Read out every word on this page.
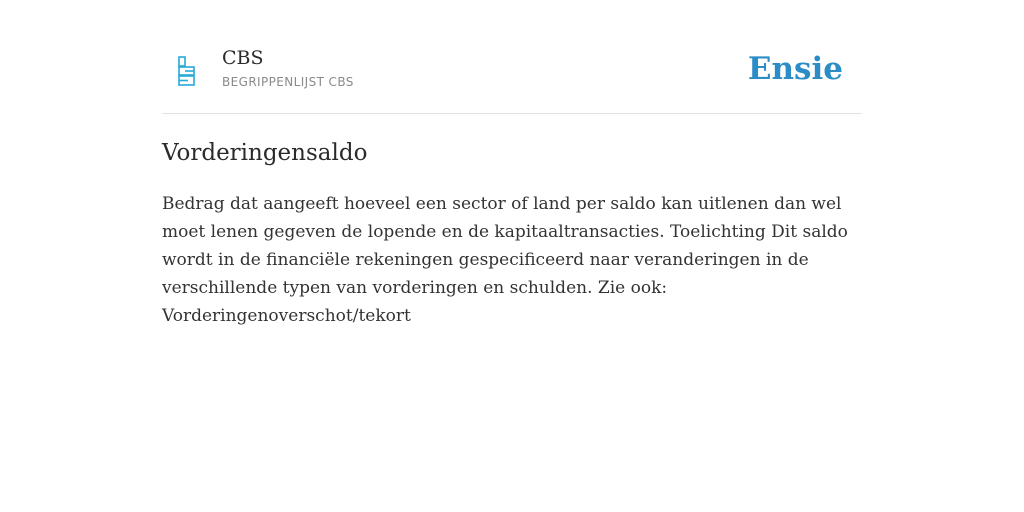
CBS
BEGRIPPENLIJST CBS	Ensie
Vorderingensaldo

Bedrag dat aangeeft hoeveel een sector of land per saldo kan uitlenen dan wel moet lenen gegeven de lopende en de kapitaaltransacties. Toelichting Dit saldo wordt in de financiële rekeningen gespecificeerd naar veranderingen in de verschillende typen van vorderingen en schulden. Zie ook: Vorderingenoverschot/tekort
